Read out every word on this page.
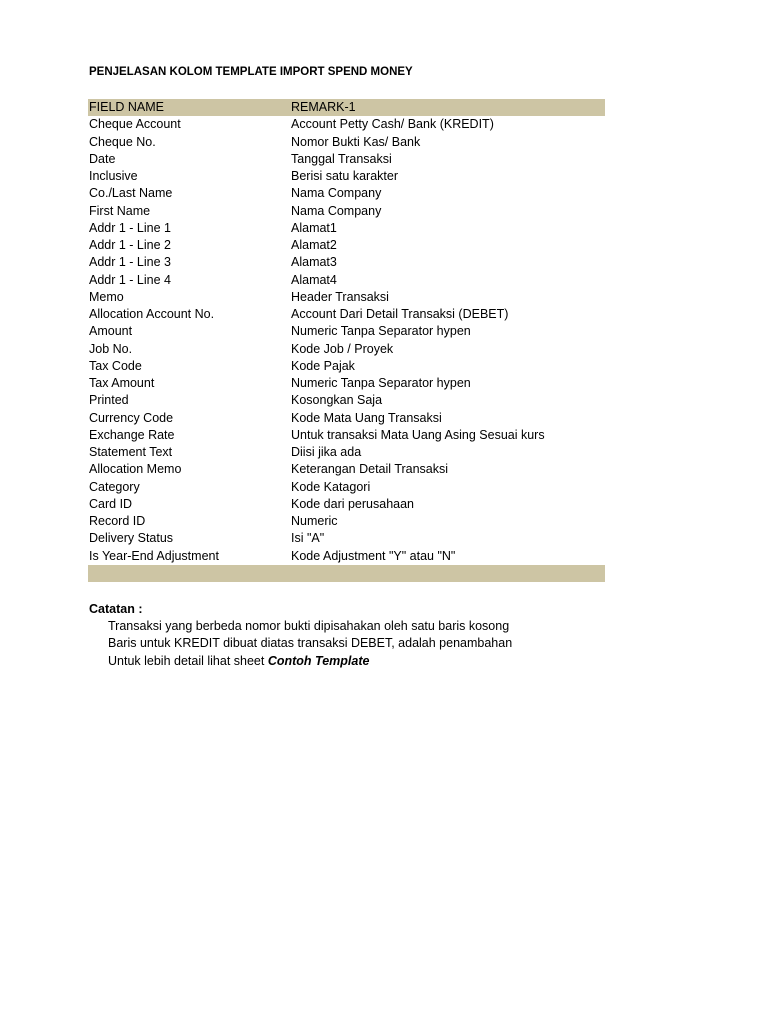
PENJELASAN KOLOM TEMPLATE IMPORT SPEND MONEY
FIELD NAME	REMARK-1
Cheque Account	Account Petty Cash/ Bank (KREDIT)
Cheque No.	Nomor Bukti Kas/ Bank
Date	Tanggal Transaksi
Inclusive	Berisi satu karakter
Co./Last Name	Nama Company
First Name	Nama Company
Addr 1 - Line 1	Alamat1
Addr 1 - Line 2	Alamat2
Addr 1 - Line 3	Alamat3
Addr 1 - Line 4	Alamat4
Memo	Header Transaksi
Allocation Account No.	Account Dari Detail Transaksi (DEBET)
Amount	Numeric Tanpa Separator hypen
Job No.	Kode Job / Proyek
Tax Code	Kode Pajak
Tax Amount	Numeric Tanpa Separator hypen
Printed	Kosongkan Saja
Currency Code	Kode Mata Uang Transaksi
Exchange Rate	Untuk transaksi Mata Uang Asing Sesuai kurs
Statement Text	Diisi jika ada
Allocation Memo	Keterangan Detail Transaksi
Category	Kode Katagori
Card ID	Kode dari perusahaan
Record ID	Numeric
Delivery Status	Isi "A"
Is Year-End Adjustment	Kode Adjustment "Y" atau "N"

Catatan :
Transaksi yang berbeda nomor bukti dipisahakan oleh satu baris kosong
Baris untuk KREDIT dibuat diatas transaksi DEBET, adalah penambahan
Untuk lebih detail lihat sheet Contoh Template
